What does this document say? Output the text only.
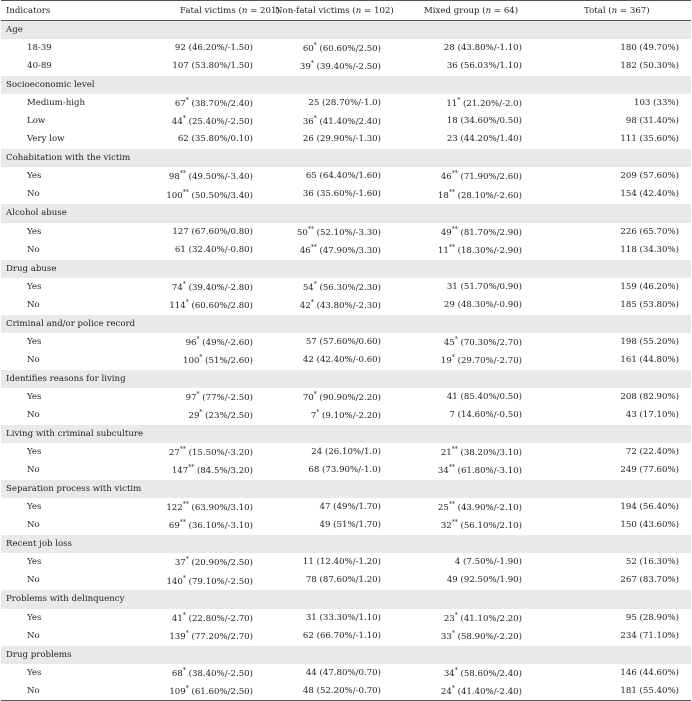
Indicators	Fatal victims (n = 201)	Non-fatal victims (n = 102)	Mixed group (n = 64)	Total (n = 367)
Age				
18-39	92 (46.20%/-1.50)	60* (60.60%/2.50)	28 (43.80%/-1.10)	180 (49.70%)
40-89	107 (53.80%/1.50)	39* (39.40%/-2.50)	36 (56.03%/1.10)	182 (50.30%)
Socioeconomic level				
Medium-high	67* (38.70%/2.40)	25 (28.70%/-1.0)	11* (21.20%/-2.0)	103 (33%)
Low	44* (25.40%/-2.50)	36* (41.40%/2.40)	18 (34.60%/0.50)	98 (31.40%)
Very low	62 (35.80%/0.10)	26 (29.90%/-1.30)	23 (44.20%/1.40)	111 (35.60%)
Cohabitation with the victim				
Yes	98** (49.50%/-3.40)	65 (64.40%/1.60)	46** (71.90%/2.60)	209 (57.60%)
No	100** (50.50%/3.40)	36 (35.60%/-1.60)	18** (28.10%/-2.60)	154 (42.40%)
Alcohol abuse				
Yes	127 (67.60%/0.80)	50** (52.10%/-3.30)	49** (81.70%/2.90)	226 (65.70%)
No	61 (32.40%/-0.80)	46** (47.90%/3.30)	11** (18.30%/-2.90)	118 (34.30%)
Drug abuse				
Yes	74* (39.40%/-2.80)	54* (56.30%/2.30)	31 (51.70%/0.90)	159 (46.20%)
No	114* (60.60%/2.80)	42* (43.80%/-2.30)	29 (48.30%/-0.90)	185 (53.80%)
Criminal and/or police record				
Yes	96* (49%/-2.60)	57 (57.60%/0.60)	45* (70.30%/2.70)	198 (55.20%)
No	100* (51%/2.60)	42 (42.40%/-0.60)	19* (29.70%/-2.70)	161 (44.80%)
Identifies reasons for living				
Yes	97* (77%/-2.50)	70* (90.90%/2.20)	41 (85.40%/0.50)	208 (82.90%)
No	29* (23%/2.50)	7* (9.10%/-2.20)	7 (14.60%/-0.50)	43 (17.10%)
Living with criminal subculture				
Yes	27** (15.50%/-3.20)	24 (26.10%/1.0)	21** (38.20%/3.10)	72 (22.40%)
No	147** (84.5%/3.20)	68 (73.90%/-1.0)	34** (61.80%/-3.10)	249 (77.60%)
Separation process with victim				
Yes	122** (63.90%/3.10)	47 (49%/1.70)	25** (43.90%/-2.10)	194 (56.40%)
No	69** (36.10%/-3.10)	49 (51%/1.70)	32** (56.10%/2.10)	150 (43.60%)
Recent job loss				
Yes	37* (20.90%/2.50)	11 (12.40%/-1.20)	4 (7.50%/-1.90)	52 (16.30%)
No	140* (79.10%/-2.50)	78 (87.60%/1.20)	49 (92.50%/1.90)	267 (83.70%)
Problems with delinquency				
Yes	41* (22.80%/-2.70)	31 (33.30%/1.10)	23* (41.10%/2.20)	95 (28.90%)
No	139* (77.20%/2.70)	62 (66.70%/-1.10)	33* (58.90%/-2.20)	234 (71.10%)
Drug problems				
Yes	68* (38.40%/-2.50)	44 (47.80%/0.70)	34* (58.60%/2.40)	146 (44.60%)
No	109* (61.60%/2.50)	48 (52.20%/-0.70)	24* (41.40%/-2.40)	181 (55.40%)
